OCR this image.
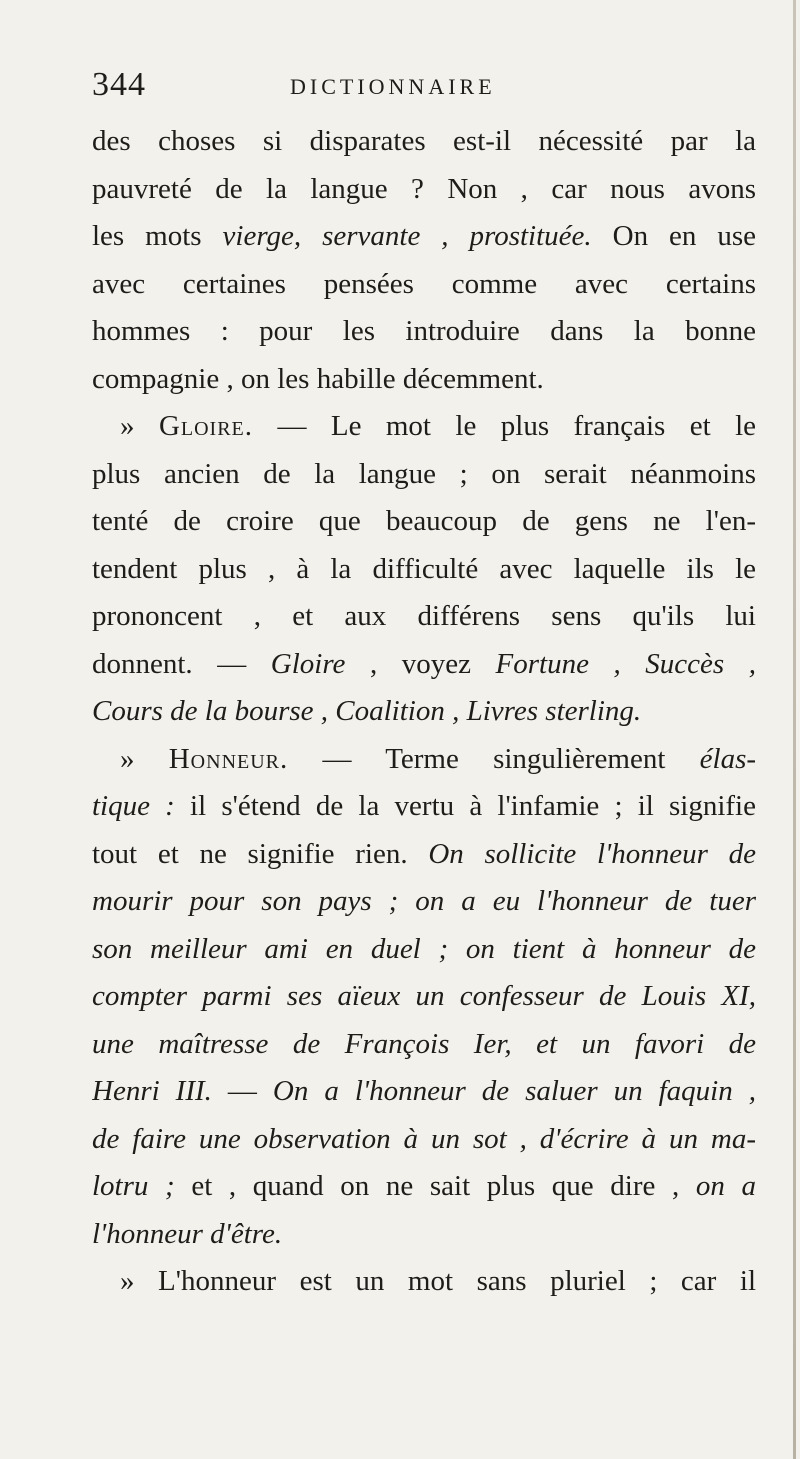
344	DICTIONNAIRE
des choses si disparates est-il nécessité par la
pauvreté de la langue ? Non , car nous avons
les mots vierge, servante , prostituée. On en use
avec certaines pensées comme avec certains
hommes : pour les introduire dans la bonne
compagnie , on les habille décemment.
» Gloire. — Le mot le plus français et le
plus ancien de la langue ; on serait néanmoins
tenté de croire que beaucoup de gens ne l'en-
tendent plus , à la difficulté avec laquelle ils le
prononcent , et aux différens sens qu'ils lui
donnent. — Gloire , voyez Fortune , Succès ,
Cours de la bourse , Coalition , Livres sterling.
» Honneur. — Terme singulièrement élas-
tique : il s'étend de la vertu à l'infamie ; il signifie
tout et ne signifie rien. On sollicite l'honneur de
mourir pour son pays ; on a eu l'honneur de tuer
son meilleur ami en duel ; on tient à honneur de
compter parmi ses aïeux un confesseur de Louis XI,
une maîtresse de François Ier, et un favori de
Henri III. — On a l'honneur de saluer un faquin ,
de faire une observation à un sot , d'écrire à un ma-
lotru ; et , quand on ne sait plus que dire , on a
l'honneur d'être.
» L'honneur est un mot sans pluriel ; car il
